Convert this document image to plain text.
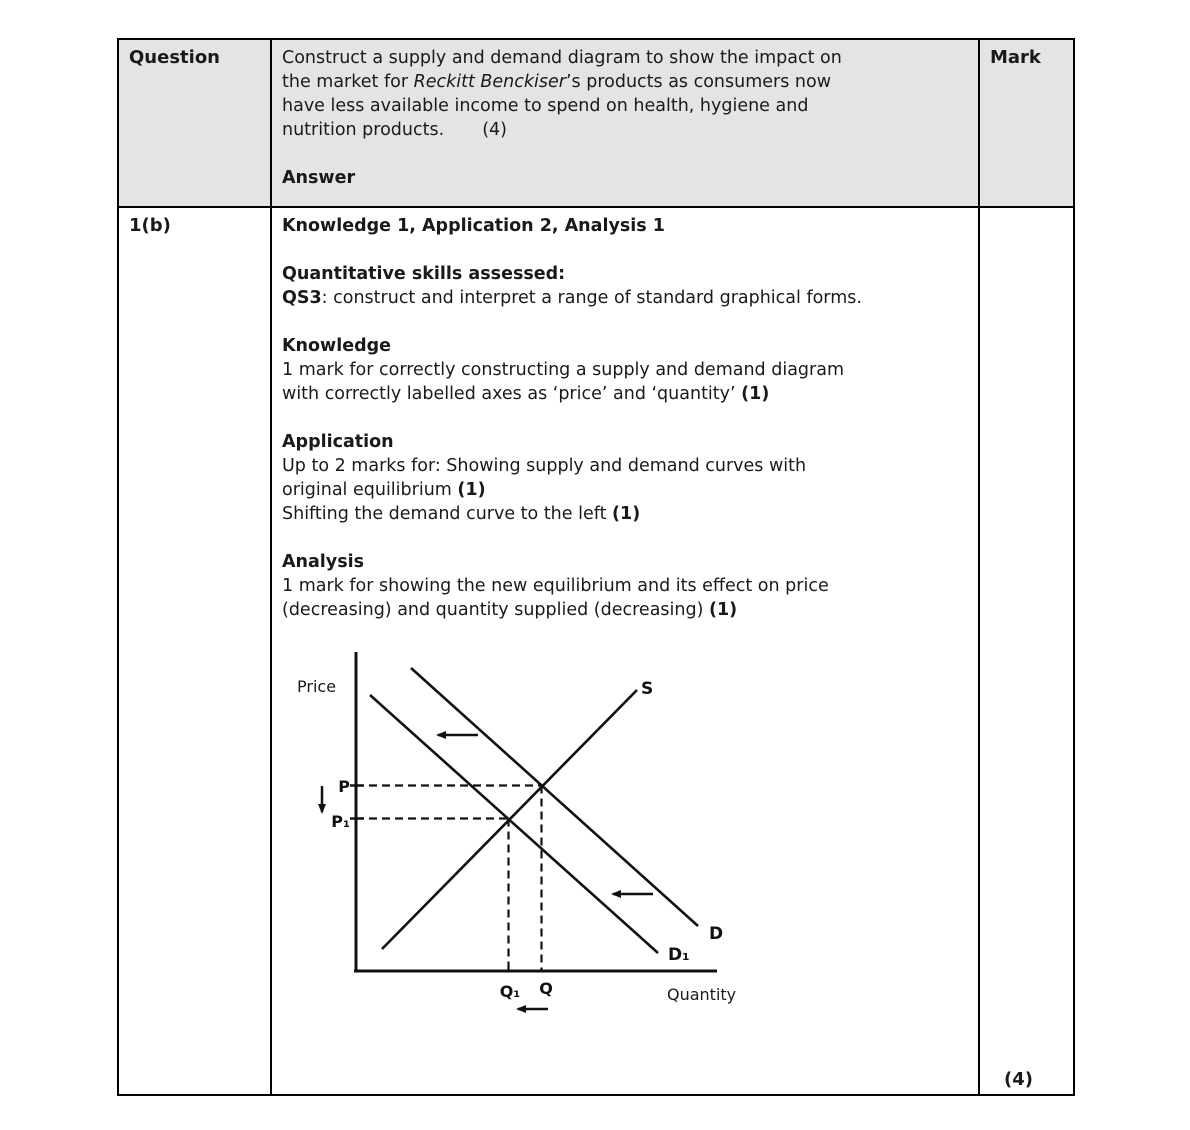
Question	Construct a supply and demand diagram to show the impact on
the market for Reckitt Benckiser’s products as consumers now
have less available income to spend on health, hygiene and
nutrition products. (4)
Answer
Mark
1(b)	Knowledge 1, Application 2, Analysis 1
Quantitative skills assessed:
QS3: construct and interpret a range of standard graphical forms.
Knowledge
1 mark for correctly constructing a supply and demand diagram
with correctly labelled axes as ‘price’ and ‘quantity’ (1)
Application
Up to 2 marks for: Showing supply and demand curves with
original equilibrium (1)
Shifting the demand curve to the left (1)
Analysis
1 mark for showing the new equilibrium and its effect on price
(decreasing) and quantity supplied (decreasing) (1)
Price
Quantity
S
D
D₁
P
P₁
Q₁ Q
(4)
